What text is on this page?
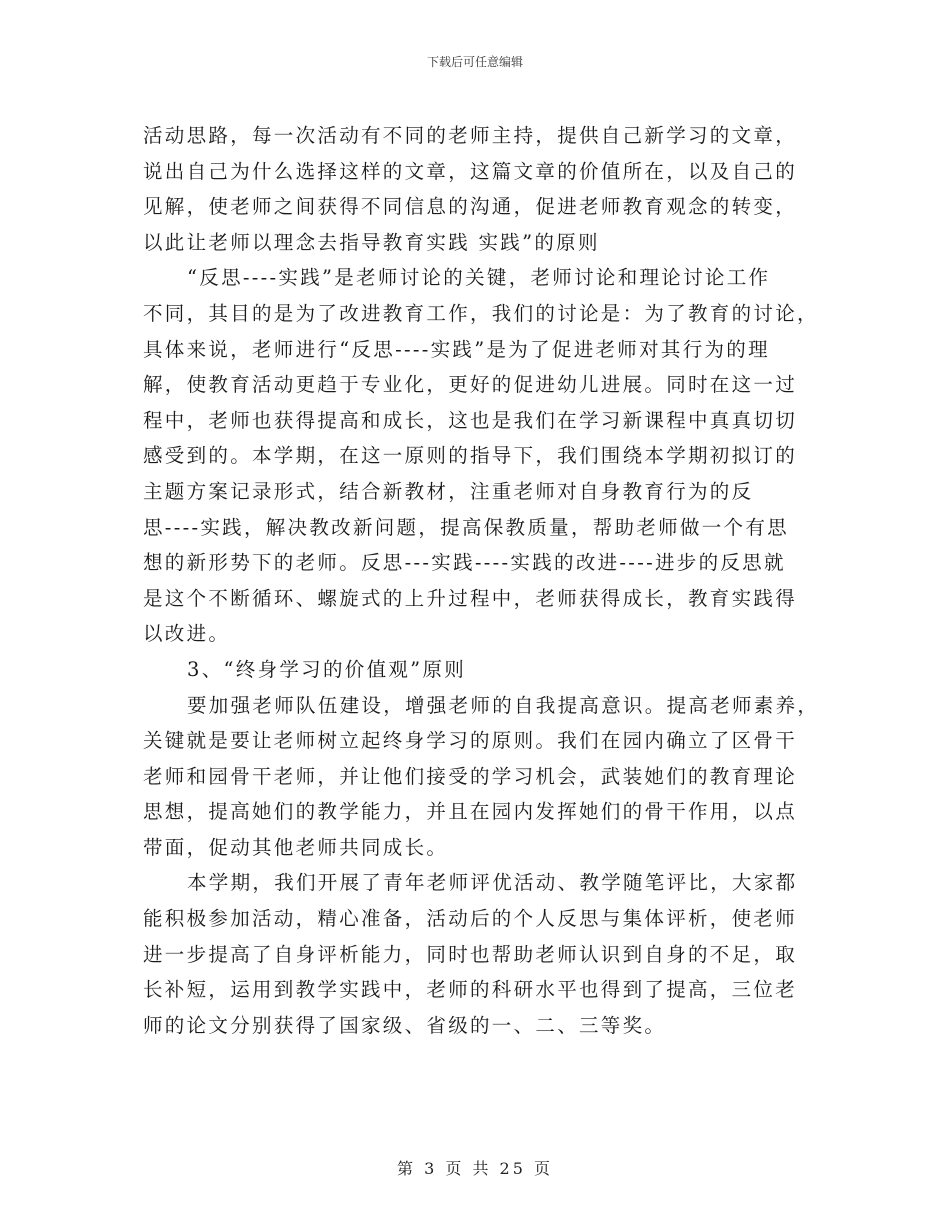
下载后可任意编辑
活动思路，每一次活动有不同的老师主持，提供自己新学习的文章，
说出自己为什么选择这样的文章，这篇文章的价值所在，以及自己的
见解，使老师之间获得不同信息的沟通，促进老师教育观念的转变，
以此让老师以理念去指导教育实践 实践”的原则
“反思----实践”是老师讨论的关键，老师讨论和理论讨论工作
不同，其目的是为了改进教育工作，我们的讨论是：为了教育的讨论，
具体来说，老师进行“反思----实践”是为了促进老师对其行为的理
解，使教育活动更趋于专业化，更好的促进幼儿进展。同时在这一过
程中，老师也获得提高和成长，这也是我们在学习新课程中真真切切
感受到的。本学期，在这一原则的指导下，我们围绕本学期初拟订的
主题方案记录形式，结合新教材，注重老师对自身教育行为的反
思----实践，解决教改新问题，提高保教质量，帮助老师做一个有思
想的新形势下的老师。反思---实践----实践的改进----进步的反思就
是这个不断循环、螺旋式的上升过程中，老师获得成长，教育实践得
以改进。
3、“终身学习的价值观”原则
要加强老师队伍建设，增强老师的自我提高意识。提高老师素养，
关键就是要让老师树立起终身学习的原则。我们在园内确立了区骨干
老师和园骨干老师，并让他们接受的学习机会，武装她们的教育理论
思想，提高她们的教学能力，并且在园内发挥她们的骨干作用，以点
带面，促动其他老师共同成长。
本学期，我们开展了青年老师评优活动、教学随笔评比，大家都
能积极参加活动，精心准备，活动后的个人反思与集体评析，使老师
进一步提高了自身评析能力，同时也帮助老师认识到自身的不足，取
长补短，运用到教学实践中，老师的科研水平也得到了提高，三位老
师的论文分别获得了国家级、省级的一、二、三等奖。
第 3 页 共 25 页
